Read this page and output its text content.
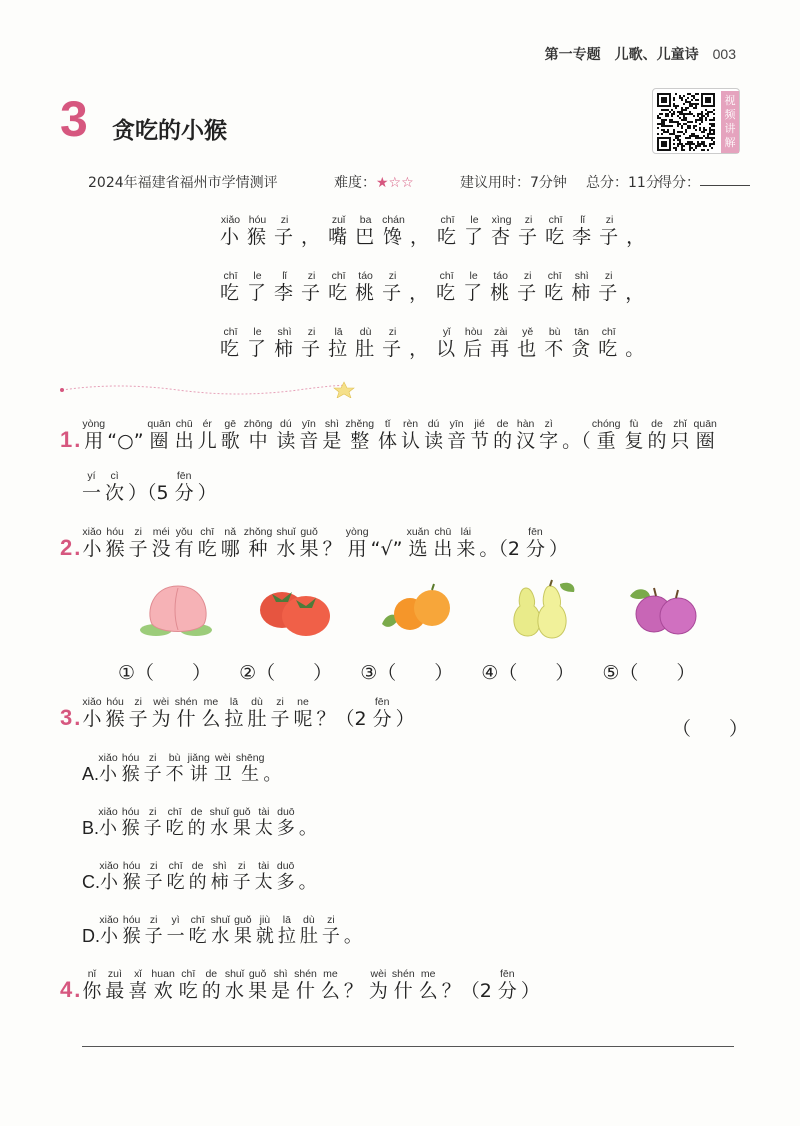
第一专题 儿歌、儿童诗 003
3 贪吃的小猴
视频讲解
2024年福建省福州市学情测评	难度：★☆☆	建议用时：7分钟 总分：11分
得分：
小xiǎo猴hóu子zi， 嘴zuǐ巴ba馋chán， 吃chī了le杏xìng子zi吃chī李lǐ子zi，
吃chī了le李lǐ子zi吃chī桃táo子zi， 吃chī了le桃táo子zi吃chī柿shì子zi，
吃chī了le柿shì子zi拉lā肚dù子zi， 以yǐ后hòu再zài也yě不bù贪tān吃chī。
1. 用yòng“○” 圈quān出chū儿ér歌gē中zhōng读dú音yīn是shì整zhěng体tǐ认rèn读dú音yīn节jié的de汉hàn字zì。（重chóng复fù的de只zhǐ圈quān
一yí次cì）（5 分fēn）
2. 小xiǎo猴hóu子zi没méi有yǒu吃chī哪nǎ种zhǒng水shuǐ果guǒ？ 用yòng“√” 选xuǎn出chū来lái。（2 分fēn）
①（　　） ②（　　） ③（　　） ④（　　） ⑤（　　）
3. 小xiǎo猴hóu子zi为wèi什shén么me拉lā肚dù子zi呢ne？（2 分fēn）	（　　）
A.小xiǎo猴hóu子zi不bù讲jiǎng卫wèi生shēng。
B.小xiǎo猴hóu子zi吃chī的de水shuǐ果guǒ太tài多duō。
C.小xiǎo猴hóu子zi吃chī的de柿shì子zi太tài多duō。
D.小xiǎo猴hóu子zi一yì吃chī水shuǐ果guǒ就jiù拉lā肚dù子zi。
4. 你nǐ最zuì喜xǐ欢huan吃chī的de水shuǐ果guǒ是shì什shén么me？ 为wèi什shén么me？（2 分fēn）
